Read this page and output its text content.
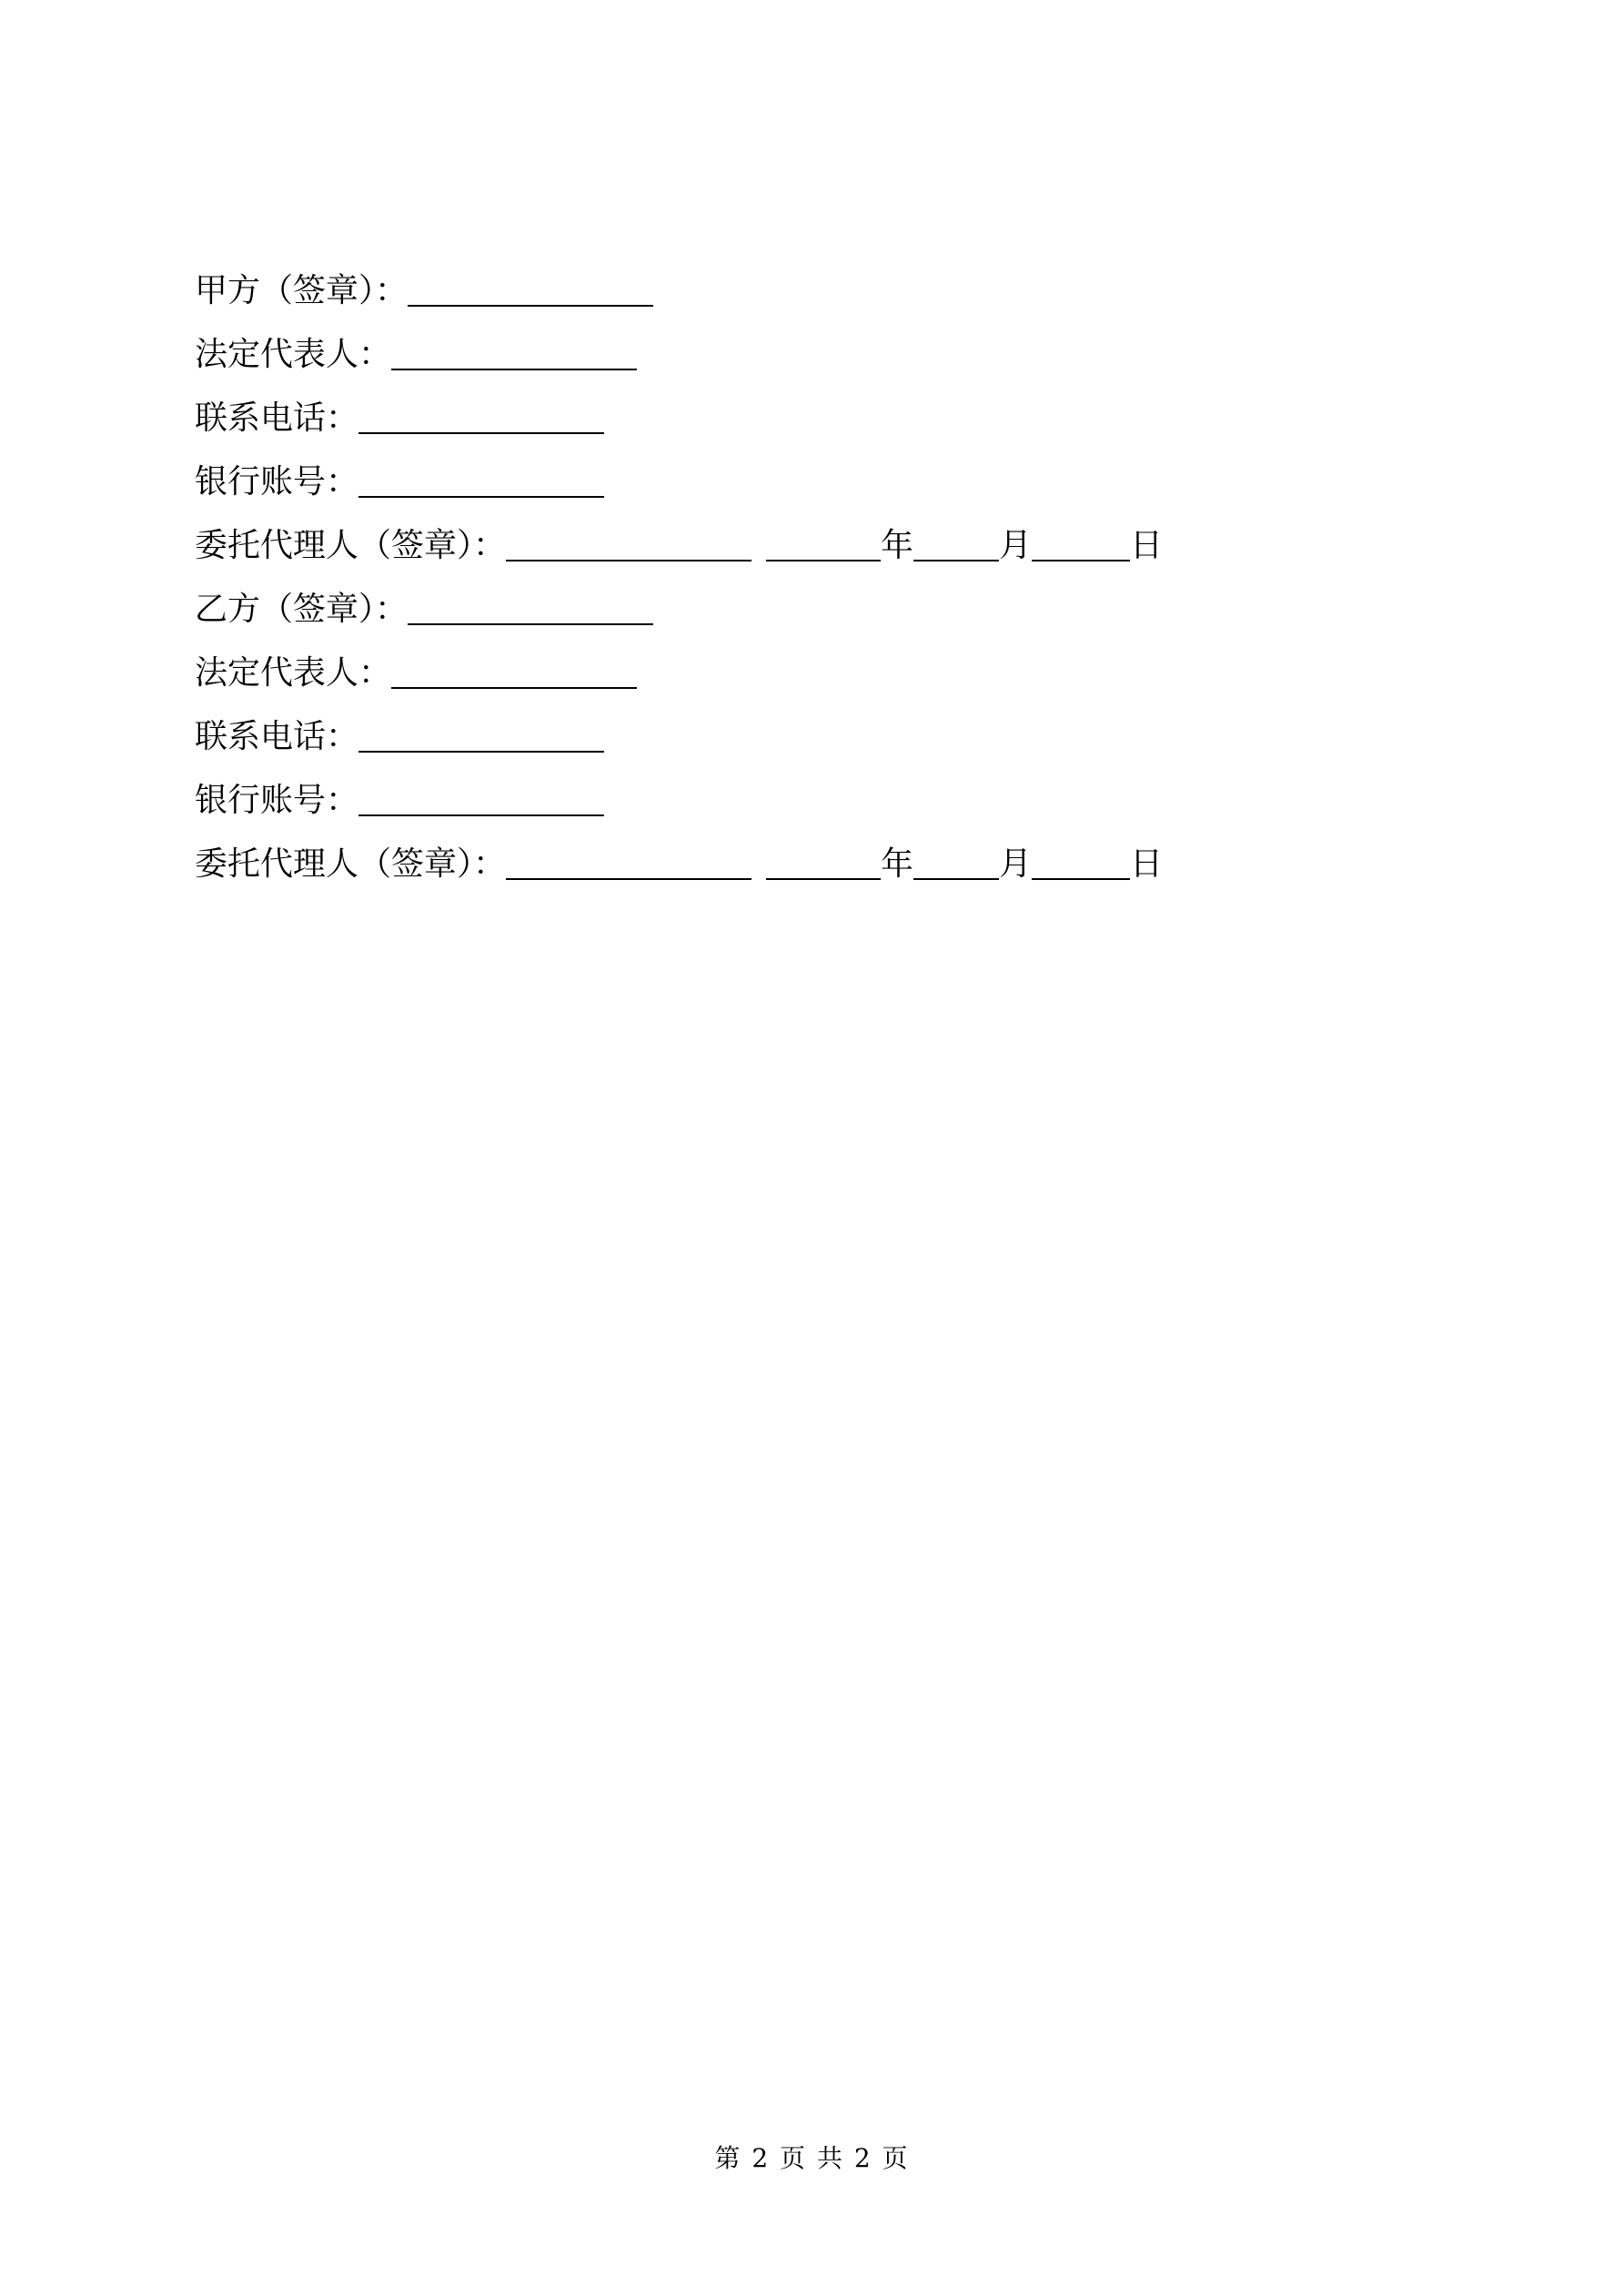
甲方（签章）：
法定代表人：
联系电话：
银行账号：
委托代理人（签章）：	年	月	日
乙方（签章）：
法定代表人：
联系电话：
银行账号：
委托代理人（签章）：	年	月	日
第 2 页 共 2 页
